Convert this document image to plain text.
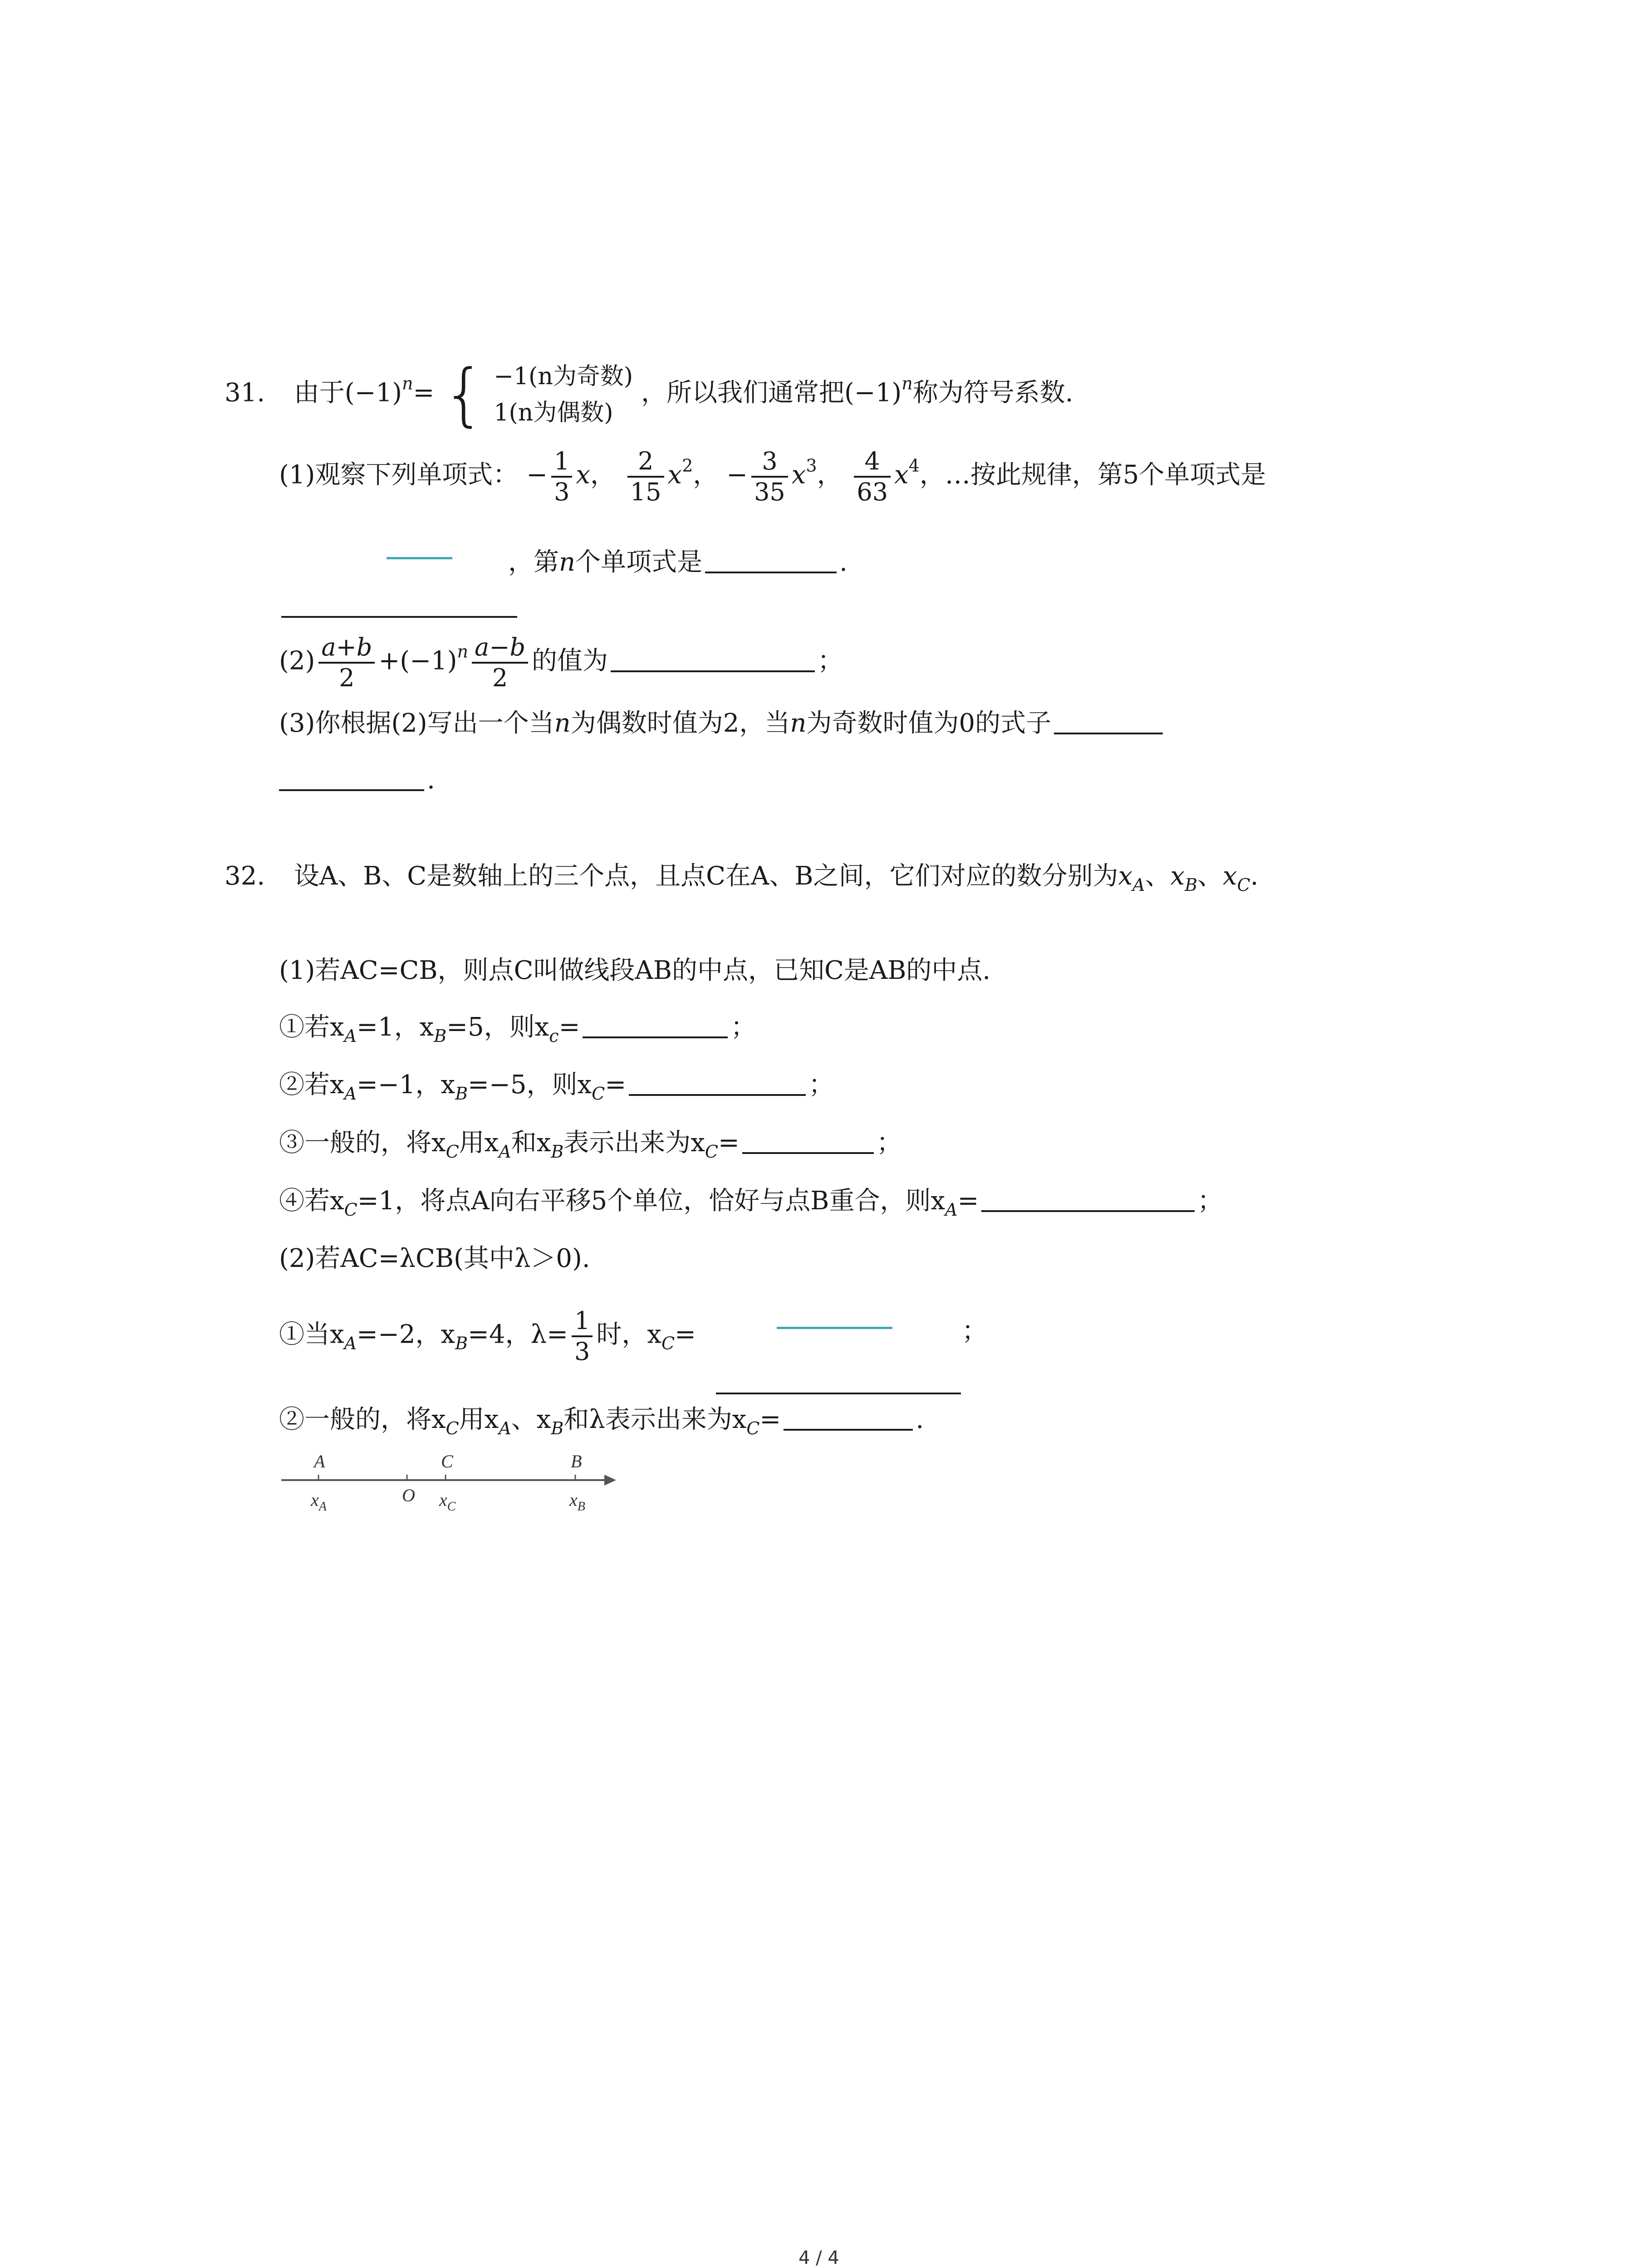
31. 由于$(-1)^n=$ { −1(n为奇数)
1(n为偶数)
，所以我们通常把$(-1)^n$称为符号系数.
(1)观察下列单项式： − $\frac{1}{3}$ x， $\frac{2}{15} x^2$， − $\frac{3}{35} x^3$， $\frac{4}{63} x^4$，…按此规律，第5个单项式是
，第n个单项式是	.
$(2) \frac{a+b}{2} +(-1)^n \frac{a-b}{2}$ 的值为	；
(3)你根据(2)写出一个当n为偶数时值为2，当n为奇数时值为0的式子
.
32. 设A、B、C是数轴上的三个点，且点C在A、B之间，它们对应的数分别为$x_A$、$x_B$、$x_C$.
(1)若AC=CB，则点C叫做线段AB的中点，已知C是AB的中点.
①若$x_A=1$，$x_B=5$，则$x_c=$	；
②若$x_A=-1$，$x_B=-5$，则$x_C=$	；
③一般的，将$x_C$用$x_A$和$x_B$表示出来为$x_C=$	；
④若$x_C=1$，将点A向右平移5个单位，恰好与点B重合，则$x_A=$	；
(2)若AC=λCB(其中λ＞0).
①当$x_A=-2$，$x_B=4$，$\lambda= \frac{1}{3}$ 时，$x_C=$	；
②一般的，将$x_C$用$x_A$、$x_B$和λ表示出来为$x_C=$	.
A	C	B
O
$x_A$	$x_C$	$x_B$
4 / 4
